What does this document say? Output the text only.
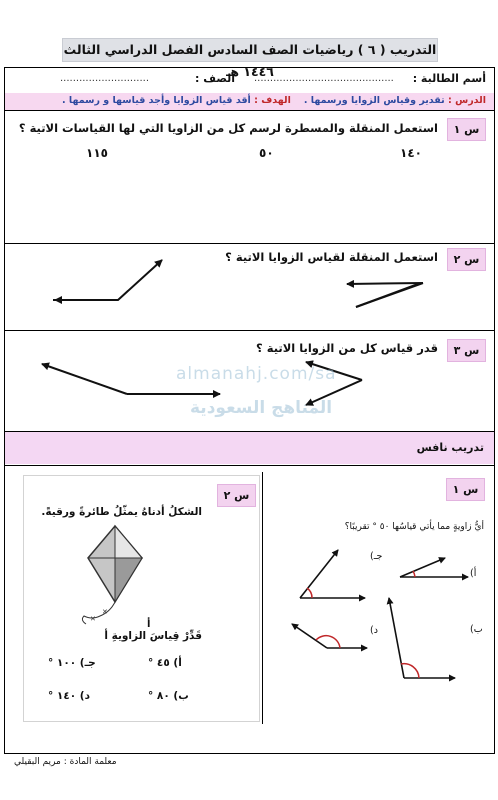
التدريب ( ٦ ) رياضيات الصف السادس الفصل الدراسي الثالث ١٤٤٦ هـ	أسم الطالبة :
............................................
الصف :
............................
الدرس : تقدير وقياس الزوايا ورسمها .
الهدف : أقد قياس الزوايا وأجد قياسها و رسمها .
س ١
استعمل المنقلة والمسطرة لرسم كل من الزاويا التي لها القياسات الاتية ؟
١٤٠
٥٠
١١٥
س ٢
استعمل المنقلة لقياس الزوايا الاتية ؟
س ٣
قدر قياس كل من الزوايا الاتية ؟
almanahj.com/sa
المناهج السعودية
تدريب نافس
س ٢
الشكلُ أدناهُ يمثّلُ طائرةً ورقيةً.
✕
✕	أ
قَدِّرْ قِياسَ الزاويةِ أ
أ) ٤٥ °
جـ) ١٠٠ °
ب) ٨٠ °
د) ١٤٠ °
س ١
أيُّ زاويةٍ مما يأتي قياسُها ٥٠ ° تقريبًا؟
أ)
ب)
جـ)
د)
معلمة المادة : مريم البقيلي
